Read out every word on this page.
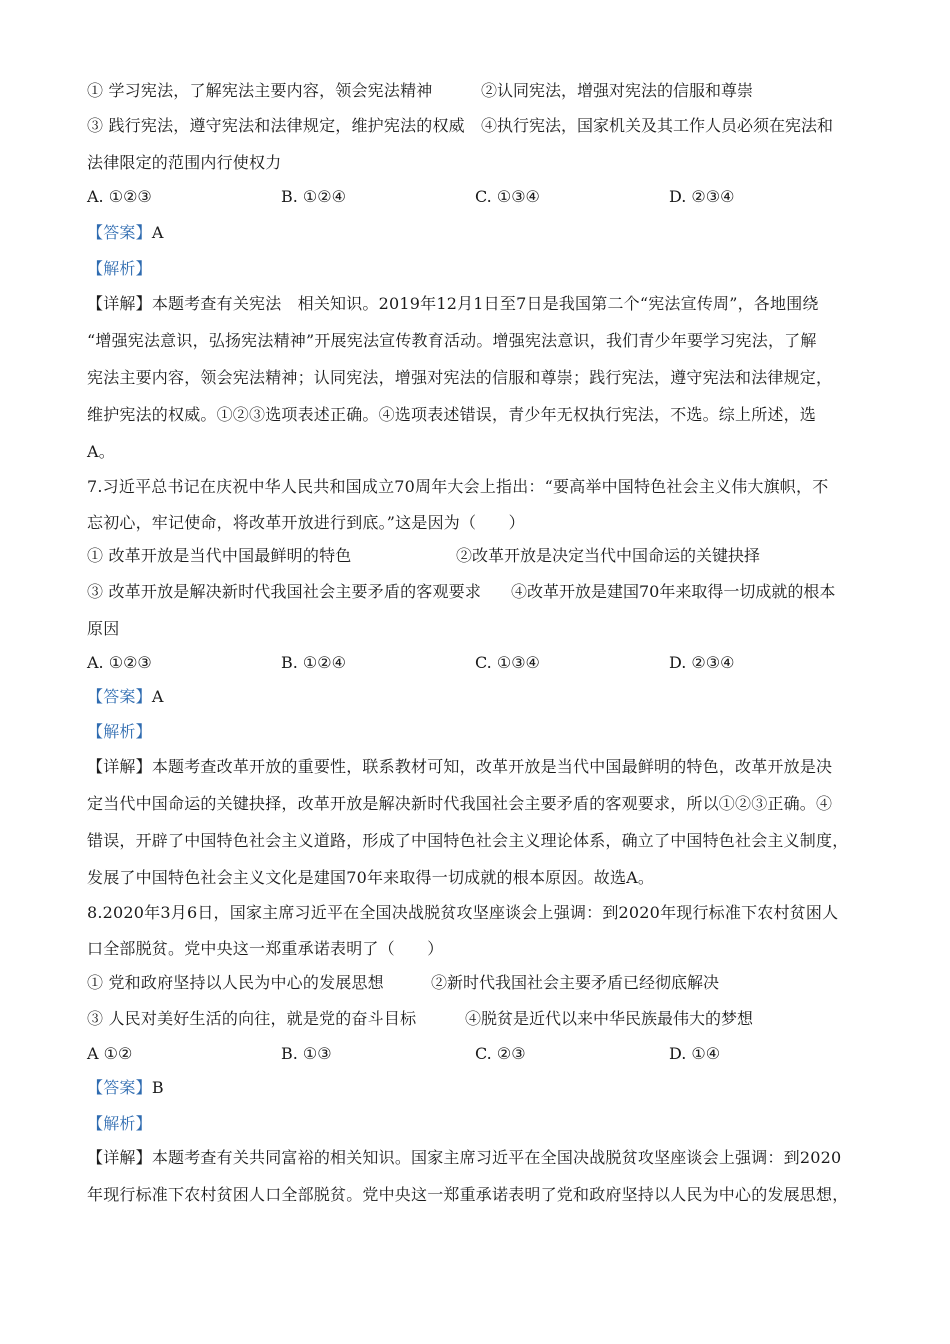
① 学习宪法，了解宪法主要内容，领会宪法精神	②认同宪法，增强对宪法的信服和尊崇
③ 践行宪法，遵守宪法和法律规定，维护宪法的权威 ④执行宪法，国家机关及其工作人员必须在宪法和
法律限定的范围内行使权力
A. ①②③	B. ①②④	C. ①③④	D. ②③④
【答案】A
【解析】
【详解】本题考查有关宪法　相关知识。2019年12月1日至7日是我国第二个“宪法宣传周”，各地围绕
“增强宪法意识，弘扬宪法精神”开展宪法宣传教育活动。增强宪法意识，我们青少年要学习宪法，了解
宪法主要内容，领会宪法精神；认同宪法，增强对宪法的信服和尊崇；践行宪法，遵守宪法和法律规定，
维护宪法的权威。①②③选项表述正确。④选项表述错误，青少年无权执行宪法，不选。综上所述，选
A。
7.习近平总书记在庆祝中华人民共和国成立70周年大会上指出：“要高举中国特色社会主义伟大旗帜，不
忘初心，牢记使命，将改革开放进行到底。”这是因为（　　）
① 改革开放是当代中国最鲜明的特色	②改革开放是决定当代中国命运的关键抉择
③ 改革开放是解决新时代我国社会主要矛盾的客观要求 ④改革开放是建国70年来取得一切成就的根本
原因
A. ①②③	B. ①②④	C. ①③④	D. ②③④
【答案】A
【解析】
【详解】本题考查改革开放的重要性，联系教材可知，改革开放是当代中国最鲜明的特色，改革开放是决
定当代中国命运的关键抉择，改革开放是解决新时代我国社会主要矛盾的客观要求，所以①②③正确。④
错误，开辟了中国特色社会主义道路，形成了中国特色社会主义理论体系，确立了中国特色社会主义制度，
发展了中国特色社会主义文化是建国70年来取得一切成就的根本原因。故选A。
8.2020年3月6日，国家主席习近平在全国决战脱贫攻坚座谈会上强调：到2020年现行标准下农村贫困人
口全部脱贫。党中央这一郑重承诺表明了（　　）
① 党和政府坚持以人民为中心的发展思想	②新时代我国社会主要矛盾已经彻底解决
③ 人民对美好生活的向往，就是党的奋斗目标	④脱贫是近代以来中华民族最伟大的梦想
A ①②	B. ①③	C. ②③	D. ①④
【答案】B
【解析】
【详解】本题考查有关共同富裕的相关知识。国家主席习近平在全国决战脱贫攻坚座谈会上强调：到2020
年现行标准下农村贫困人口全部脱贫。党中央这一郑重承诺表明了党和政府坚持以人民为中心的发展思想，
